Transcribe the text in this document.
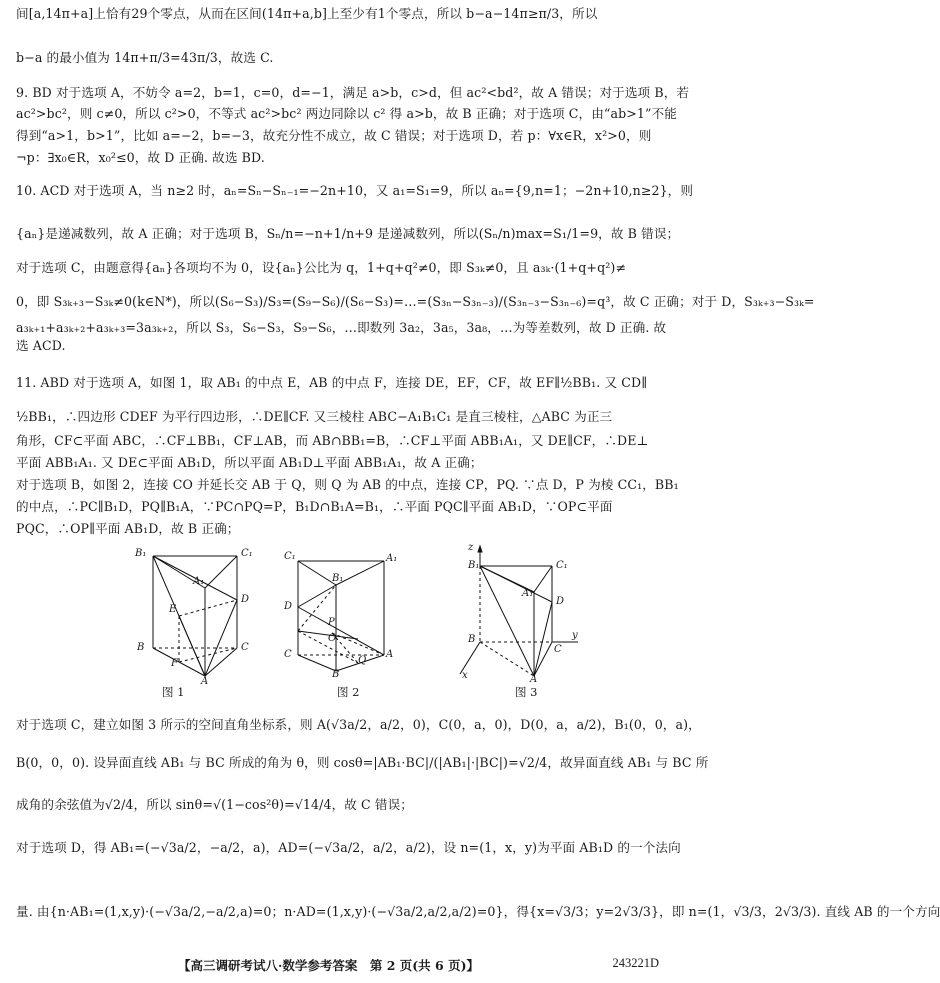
间[a,14π+a]上恰有29个零点，从而在区间(14π+a,b]上至少有1个零点，所以 b−a−14π≥π/3，所以
b−a 的最小值为 14π+π/3=43π/3，故选 C.
9. BD 对于选项 A，不妨令 a=2，b=1，c=0，d=−1，满足 a>b，c>d，但 ac²<bd²，故 A 错误；对于选项 B，若
ac²>bc²，则 c≠0，所以 c²>0，不等式 ac²>bc² 两边同除以 c² 得 a>b，故 B 正确；对于选项 C，由“ab>1”不能
得到“a>1，b>1”，比如 a=−2，b=−3，故充分性不成立，故 C 错误；对于选项 D，若 p：∀x∈R，x²>0，则
¬p：∃x₀∈R，x₀²≤0，故 D 正确. 故选 BD.
10. ACD 对于选项 A，当 n≥2 时，aₙ=Sₙ−Sₙ₋₁=−2n+10，又 a₁=S₁=9，所以 aₙ={9,n=1；−2n+10,n≥2}，则
{aₙ}是递减数列，故 A 正确；对于选项 B，Sₙ/n=−n+1/n+9 是递减数列，所以(Sₙ/n)max=S₁/1=9，故 B 错误；
对于选项 C，由题意得{aₙ}各项均不为 0，设{aₙ}公比为 q，1+q+q²≠0，即 S₃ₖ≠0，且 a₃ₖ·(1+q+q²)≠
0，即 S₃ₖ₊₃−S₃ₖ≠0(k∈N*)，所以(S₆−S₃)/S₃=(S₉−S₆)/(S₆−S₃)=…=(S₃ₙ−S₃ₙ₋₃)/(S₃ₙ₋₃−S₃ₙ₋₆)=q³，故 C 正确；对于 D，S₃ₖ₊₃−S₃ₖ=
a₃ₖ₊₁+a₃ₖ₊₂+a₃ₖ₊₃=3a₃ₖ₊₂，所以 S₃，S₆−S₃，S₉−S₆，…即数列 3a₂，3a₅，3a₈，…为等差数列，故 D 正确. 故
选 ACD.
11. ABD 对于选项 A，如图 1，取 AB₁ 的中点 E，AB 的中点 F，连接 DE，EF，CF，故 EF∥½BB₁. 又 CD∥
½BB₁，∴四边形 CDEF 为平行四边形，∴DE∥CF. 又三棱柱 ABC−A₁B₁C₁ 是直三棱柱，△ABC 为正三
角形，CF⊂平面 ABC，∴CF⊥BB₁，CF⊥AB，而 AB∩BB₁=B，∴CF⊥平面 ABB₁A₁，又 DE∥CF，∴DE⊥
平面 ABB₁A₁. 又 DE⊂平面 AB₁D，所以平面 AB₁D⊥平面 ABB₁A₁，故 A 正确；
对于选项 B，如图 2，连接 CO 并延长交 AB 于 Q，则 Q 为 AB 的中点，连接 CP，PQ. ∵点 D，P 为棱 CC₁，BB₁
的中点，∴PC∥B₁D，PQ∥B₁A，∵PC∩PQ=P，B₁D∩B₁A=B₁，∴平面 PQC∥平面 AB₁D，∵OP⊂平面
PQC，∴OP∥平面 AB₁D，故 B 正确；
B₁	C₁
A₁
D
E
B
F
C
A
图 1
C₁	A₁
B₁
D
O
P
C
Q
A
B
图 2
z
B₁	C₁
A₁
D
B
C
y
A
x
图 3
对于选项 C，建立如图 3 所示的空间直角坐标系，则 A(√3a/2，a/2，0)，C(0，a，0)，D(0，a，a/2)，B₁(0，0，a)，
B(0，0，0). 设异面直线 AB₁ 与 BC 所成的角为 θ，则 cosθ=|AB₁·BC|/(|AB₁|·|BC|)=√2/4，故异面直线 AB₁ 与 BC 所
成角的余弦值为√2/4，所以 sinθ=√(1−cos²θ)=√14/4，故 C 错误；
对于选项 D，得 AB₁=(−√3a/2，−a/2，a)，AD=(−√3a/2，a/2，a/2)，设 n=(1，x，y)为平面 AB₁D 的一个法向
量. 由{n·AB₁=(1,x,y)·(−√3a/2,−a/2,a)=0；n·AD=(1,x,y)·(−√3a/2,a/2,a/2)=0}，得{x=√3/3；y=2√3/3}，即 n=(1，√3/3，2√3/3). 直线 AB 的一个方向
【高三调研考试八·数学参考答案　第 2 页(共 6 页)】	243221D
